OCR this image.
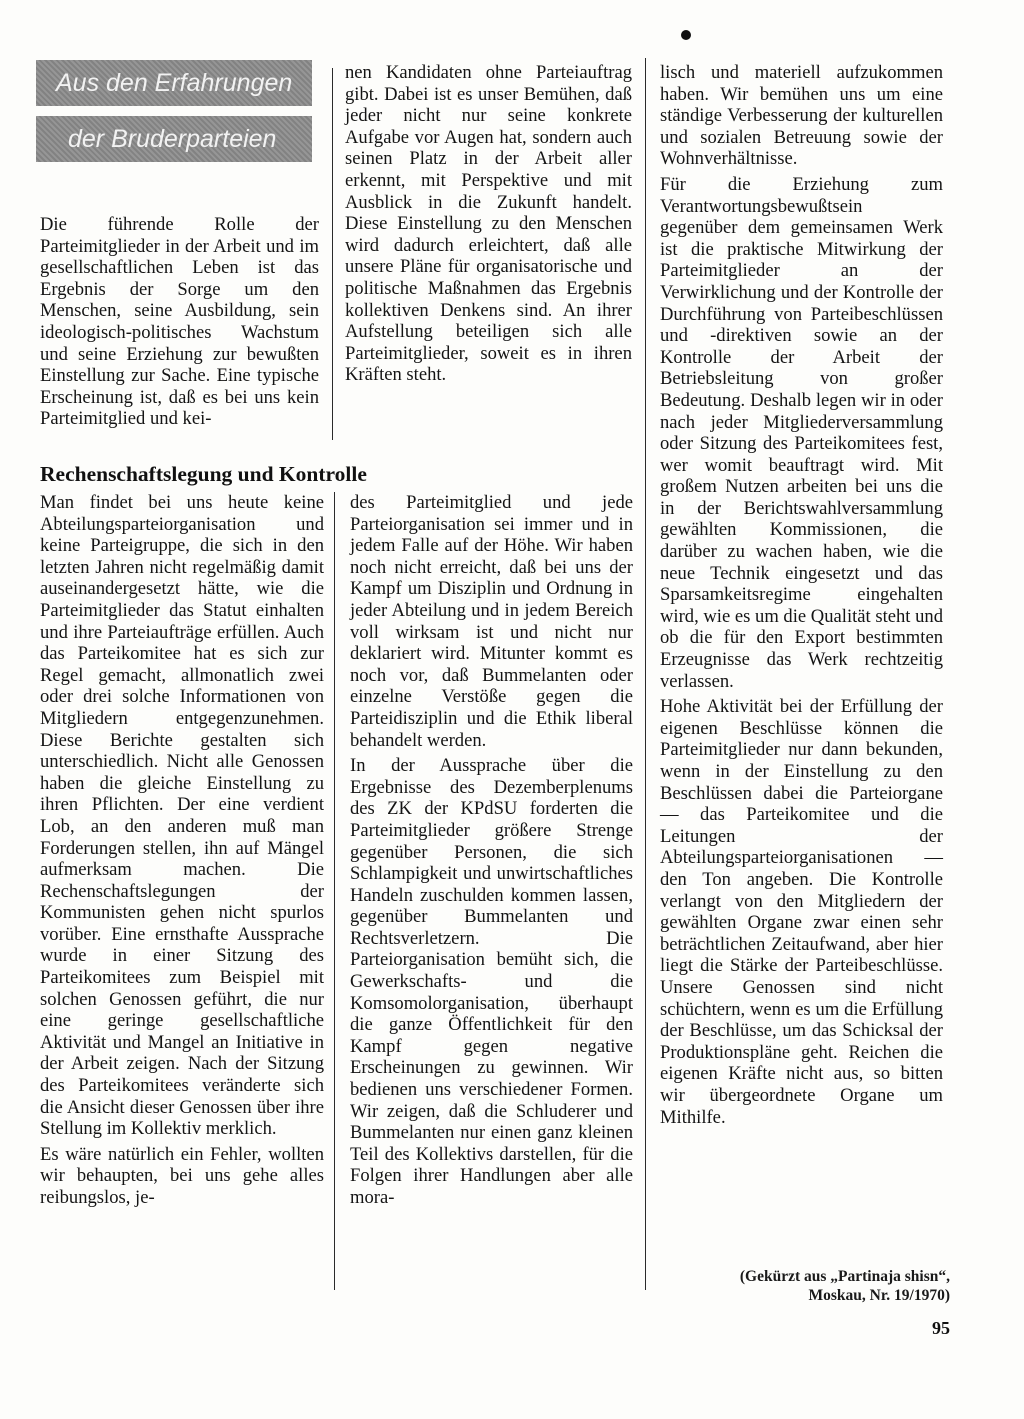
Aus den Erfahrungen
der Bruderparteien

Die führende Rolle der Parteimitglieder in der Arbeit und im gesellschaftlichen Leben ist das Ergebnis der Sorge um den Menschen, seine Ausbildung, sein ideologisch-politisches Wachstum und seine Erziehung zur bewußten Einstellung zur Sache. Eine typische Erscheinung ist, daß es bei uns kein Parteimitglied und kei-

nen Kandidaten ohne Parteiauftrag gibt. Dabei ist es unser Bemühen, daß jeder nicht nur seine konkrete Aufgabe vor Augen hat, sondern auch seinen Platz in der Arbeit aller erkennt, mit Perspektive und mit Ausblick in die Zukunft handelt. Diese Einstellung zu den Menschen wird dadurch erleichtert, daß alle unsere Pläne für organisatorische und politische Maßnahmen das Ergebnis kollektiven Denkens sind. An ihrer Aufstellung beteiligen sich alle Parteimitglieder, soweit es in ihren Kräften steht.

Rechenschaftslegung und Kontrolle

Man findet bei uns heute keine Abteilungsparteiorganisation und keine Parteigruppe, die sich in den letzten Jahren nicht regelmäßig damit auseinandergesetzt hätte, wie die Parteimitglieder das Statut einhalten und ihre Parteiaufträge erfüllen. Auch das Parteikomitee hat es sich zur Regel gemacht, allmonatlich zwei oder drei solche Informationen von Mitgliedern entgegenzunehmen. Diese Berichte gestalten sich unterschiedlich. Nicht alle Genossen haben die gleiche Einstellung zu ihren Pflichten. Der eine verdient Lob, an den anderen muß man Forderungen stellen, ihn auf Mängel aufmerksam machen. Die Rechenschaftslegungen der Kommunisten gehen nicht spurlos vorüber. Eine ernsthafte Aussprache wurde in einer Sitzung des Parteikomitees zum Beispiel mit solchen Genossen geführt, die nur eine geringe gesellschaftliche Aktivität und Mangel an Initiative in der Arbeit zeigen. Nach der Sitzung des Parteikomitees veränderte sich die Ansicht dieser Genossen über ihre Stellung im Kollektiv merklich.

Es wäre natürlich ein Fehler, wollten wir behaupten, bei uns gehe alles reibungslos, je-

des Parteimitglied und jede Parteiorganisation sei immer und in jedem Falle auf der Höhe. Wir haben noch nicht erreicht, daß bei uns der Kampf um Disziplin und Ordnung in jeder Abteilung und in jedem Bereich voll wirksam ist und nicht nur deklariert wird. Mitunter kommt es noch vor, daß Bummelanten oder einzelne Verstöße gegen die Parteidisziplin und die Ethik liberal behandelt werden.

In der Aussprache über die Ergebnisse des Dezemberplenums des ZK der KPdSU forderten die Parteimitglieder größere Strenge gegenüber Personen, die sich Schlampigkeit und unwirtschaftliches Handeln zuschulden kommen lassen, gegenüber Bummelanten und Rechtsverletzern. Die Parteiorganisation bemüht sich, die Gewerkschafts- und die Komsomolorganisation, überhaupt die ganze Öffentlichkeit für den Kampf gegen negative Erscheinungen zu gewinnen. Wir bedienen uns verschiedener Formen. Wir zeigen, daß die Schluderer und Bummelanten nur einen ganz kleinen Teil des Kollektivs darstellen, für die Folgen ihrer Handlungen aber alle mora-

lisch und materiell aufzukommen haben. Wir bemühen uns um eine ständige Verbesserung der kulturellen und sozialen Betreuung sowie der Wohnverhältnisse.

Für die Erziehung zum Verantwortungsbewußtsein gegenüber dem gemeinsamen Werk ist die praktische Mitwirkung der Parteimitglieder an der Verwirklichung und der Kontrolle der Durchführung von Parteibeschlüssen und -direktiven sowie an der Kontrolle der Arbeit der Betriebsleitung von großer Bedeutung. Deshalb legen wir in oder nach jeder Mitgliederversammlung oder Sitzung des Parteikomitees fest, wer womit beauftragt wird. Mit großem Nutzen arbeiten bei uns die in der Berichtswahlversammlung gewählten Kommissionen, die darüber zu wachen haben, wie die neue Technik eingesetzt und das Sparsamkeitsregime eingehalten wird, wie es um die Qualität steht und ob die für den Export bestimmten Erzeugnisse das Werk rechtzeitig verlassen.

Hohe Aktivität bei der Erfüllung der eigenen Beschlüsse können die Parteimitglieder nur dann bekunden, wenn in der Einstellung zu den Beschlüssen dabei die Parteiorgane — das Parteikomitee und die Leitungen der Abteilungsparteiorganisationen — den Ton angeben. Die Kontrolle verlangt von den Mitgliedern der gewählten Organe zwar einen sehr beträchtlichen Zeitaufwand, aber hier liegt die Stärke der Parteibeschlüsse. Unsere Genossen sind nicht schüchtern, wenn es um die Erfüllung der Beschlüsse, um das Schicksal der Produktionspläne geht. Reichen die eigenen Kräfte nicht aus, so bitten wir übergeordnete Organe um Mithilfe.

(Gekürzt aus „Partinaja shisn“,
Moskau, Nr. 19/1970)
95
